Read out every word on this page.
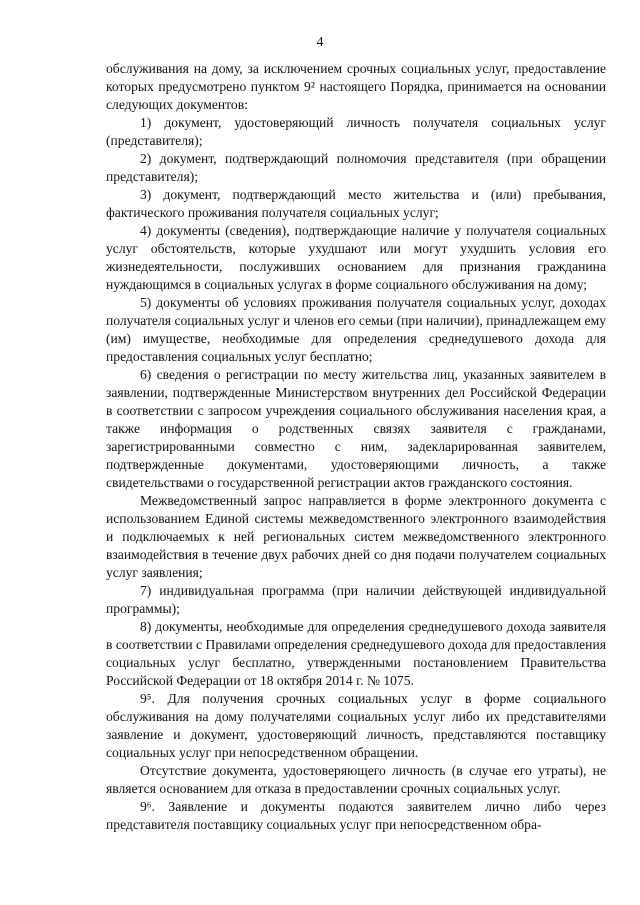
4

обслуживания на дому, за исключением срочных социальных услуг, предоставление которых предусмотрено пунктом 9² настоящего Порядка, принимается на основании следующих документов:

1) документ, удостоверяющий личность получателя социальных услуг (представителя);

2) документ, подтверждающий полномочия представителя (при обращении представителя);

3) документ, подтверждающий место жительства и (или) пребывания, фактического проживания получателя социальных услуг;

4) документы (сведения), подтверждающие наличие у получателя социальных услуг обстоятельств, которые ухудшают или могут ухудшить условия его жизнедеятельности, послуживших основанием для признания гражданина нуждающимся в социальных услугах в форме социального обслуживания на дому;

5) документы об условиях проживания получателя социальных услуг, доходах получателя социальных услуг и членов его семьи (при наличии), принадлежащем ему (им) имуществе, необходимые для определения среднедушевого дохода для предоставления социальных услуг бесплатно;

6) сведения о регистрации по месту жительства лиц, указанных заявителем в заявлении, подтвержденные Министерством внутренних дел Российской Федерации в соответствии с запросом учреждения социального обслуживания населения края, а также информация о родственных связях заявителя с гражданами, зарегистрированными совместно с ним, задекларированная заявителем, подтвержденные документами, удостоверяющими личность, а также свидетельствами о государственной регистрации актов гражданского состояния.

Межведомственный запрос направляется в форме электронного документа с использованием Единой системы межведомственного электронного взаимодействия и подключаемых к ней региональных систем межведомственного электронного взаимодействия в течение двух рабочих дней со дня подачи получателем социальных услуг заявления;

7) индивидуальная программа (при наличии действующей индивидуальной программы);

8) документы, необходимые для определения среднедушевого дохода заявителя в соответствии с Правилами определения среднедушевого дохода для предоставления социальных услуг бесплатно, утвержденными постановлением Правительства Российской Федерации от 18 октября 2014 г. № 1075.

9⁵. Для получения срочных социальных услуг в форме социального обслуживания на дому получателями социальных услуг либо их представителями заявление и документ, удостоверяющий личность, представляются поставщику социальных услуг при непосредственном обращении.

Отсутствие документа, удостоверяющего личность (в случае его утраты), не является основанием для отказа в предоставлении срочных социальных услуг.

9⁶. Заявление и документы подаются заявителем лично либо через представителя поставщику социальных услуг при непосредственном обра-
